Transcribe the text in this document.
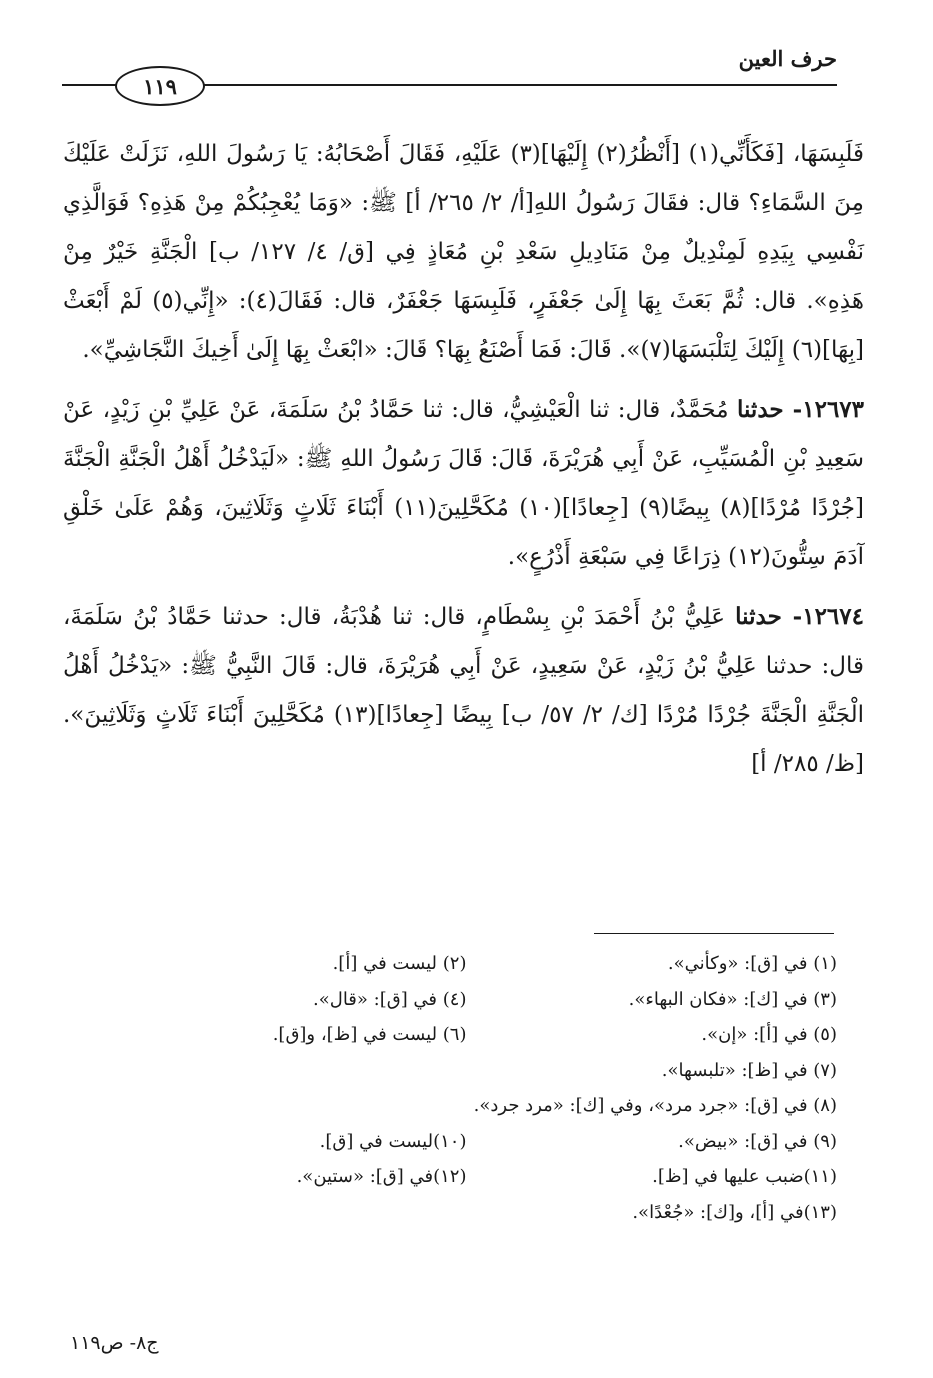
حرف العين
١١٩

فَلَبِسَهَا، [فَكَأَنِّي(١) [أَنْظُرُ(٢) إِلَيْهَا](٣) عَلَيْهِ، فَقَالَ أَصْحَابُهُ: يَا رَسُولَ اللهِ، نَزَلَتْ عَلَيْكَ مِنَ السَّمَاءِ؟ قال: فقَالَ رَسُولُ اللهِ[أ/ ٢/ ٢٦٥/ أ] ﷺ: «وَمَا يُعْجِبُكُمْ مِنْ هَذِهِ؟ فَوَالَّذِي نَفْسِي بِيَدِهِ لَمِنْدِيلٌ مِنْ مَنَادِيلِ سَعْدِ بْنِ مُعَاذٍ فِي [ق/ ٤/ ١٢٧/ ب] الْجَنَّةِ خَيْرٌ مِنْ هَذِهِ». قال: ثُمَّ بَعَثَ بِهَا إِلَىٰ جَعْفَرٍ، فَلَبِسَهَا جَعْفَرٌ، قال: فَقَالَ(٤): «إِنِّي(٥) لَمْ أَبْعَثْ [بِهَا](٦) إِلَيْكَ لِتَلْبَسَهَا(٧)». قَالَ: فَمَا أَصْنَعُ بِهَا؟ قَالَ: «ابْعَثْ بِهَا إِلَىٰ أَخِيكَ النَّجَاشِيِّ».

١٢٦٧٣- حدثنا مُحَمَّدٌ، قال: ثنا الْعَيْشِيُّ، قال: ثنا حَمَّادُ بْنُ سَلَمَةَ، عَنْ عَلِيِّ بْنِ زَيْدٍ، عَنْ سَعِيدِ بْنِ الْمُسَيِّبِ، عَنْ أَبِي هُرَيْرَةَ، قَالَ: قَالَ رَسُولُ اللهِ ﷺ: «لَيَدْخُلُ أَهْلُ الْجَنَّةِ الْجَنَّةَ [جُرْدًا مُرْدًا](٨) بِيضًا(٩) [جِعادًا](١٠) مُكَحَّلِينَ(١١) أَبْنَاءَ ثَلَاثٍ وَثَلَاثِينَ، وَهُمْ عَلَىٰ خَلْقِ آدَمَ سِتُّونَ(١٢) ذِرَاعًا فِي سَبْعَةِ أَذْرُعٍ».

١٢٦٧٤- حدثنا عَلِيُّ بْنُ أَحْمَدَ بْنِ بِسْطَامٍ، قال: ثنا هُدْبَةُ، قال: حدثنا حَمَّادُ بْنُ سَلَمَةَ، قال: حدثنا عَلِيُّ بْنُ زَيْدٍ، عَنْ سَعِيدٍ، عَنْ أَبِي هُرَيْرَةَ، قال: قَالَ النَّبِيُّ ﷺ: «يَدْخُلُ أَهْلُ الْجَنَّةِ الْجَنَّةَ جُرْدًا مُرْدًا [ك/ ٢/ ٥٧/ ب] بِيضًا [جِعادًا](١٣) مُكَحَّلِينَ أَبْنَاءَ ثَلَاثٍ وَثَلَاثِينَ». [ظ/ ٢٨٥/ أ]

(١) في [ق]: «وكأني».
(٢) ليست في [أ].
(٣) في [ك]: «فكان البهاء».
(٤) في [ق]: «قال».
(٥) في [أ]: «إن».
(٦) ليست في [ظ]، و[ق].
(٧) في [ظ]: «تلبسها».
(٨) في [ق]: «جرد مرد»، وفي [ك]: «مرد جرد».
(٩) في [ق]: «بيض».
(١٠)ليست في [ق].
(١١)ضبب عليها في [ظ].
(١٢)في [ق]: «ستين».
(١٣)في [أ]، و[ك]: «جُعْدًا».
ج٨- ص١١٩
